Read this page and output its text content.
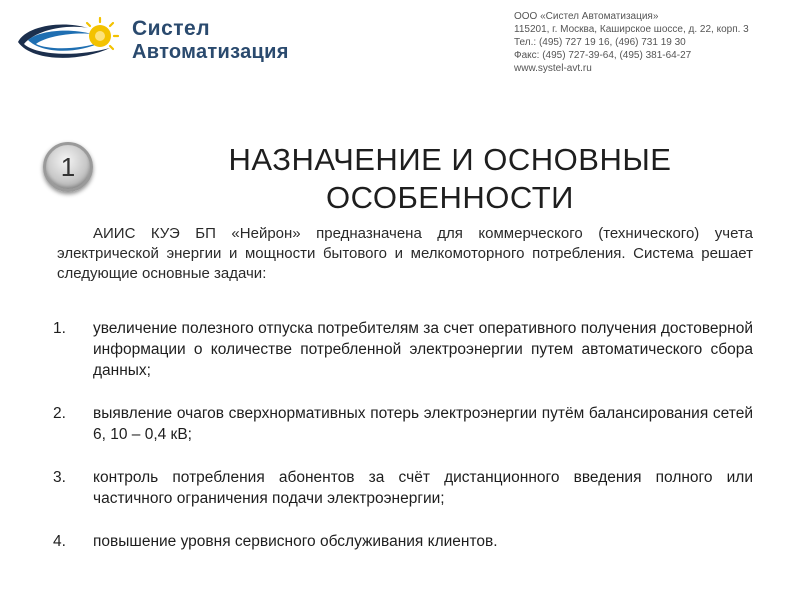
Систел
Автоматизация
ООО «Систел Автоматизация»
115201, г. Москва, Каширское шоссе, д. 22, корп. 3
Тел.: (495) 727 19 16, (496) 731 19 30
Факс: (495) 727-39-64, (495) 381-64-27
www.systel-avt.ru
1	НАЗНАЧЕНИЕ И ОСНОВНЫЕ
ОСОБЕННОСТИ

АИИС КУЭ БП «Нейрон» предназначена для коммерческого (технического) учета электрической энергии и мощности бытового и мелкомоторного потребления. Система решает следующие основные задачи:

1. увеличение полезного отпуска потребителям за счет оперативного получения достоверной информации о количестве потребленной электроэнергии путем автоматического сбора данных;
2. выявление очагов сверхнормативных потерь электроэнергии путём балансирования сетей 6, 10 – 0,4 кВ;
3. контроль потребления абонентов за счёт дистанционного введения полного или частичного ограничения подачи электроэнергии;
4. повышение уровня сервисного обслуживания клиентов.
